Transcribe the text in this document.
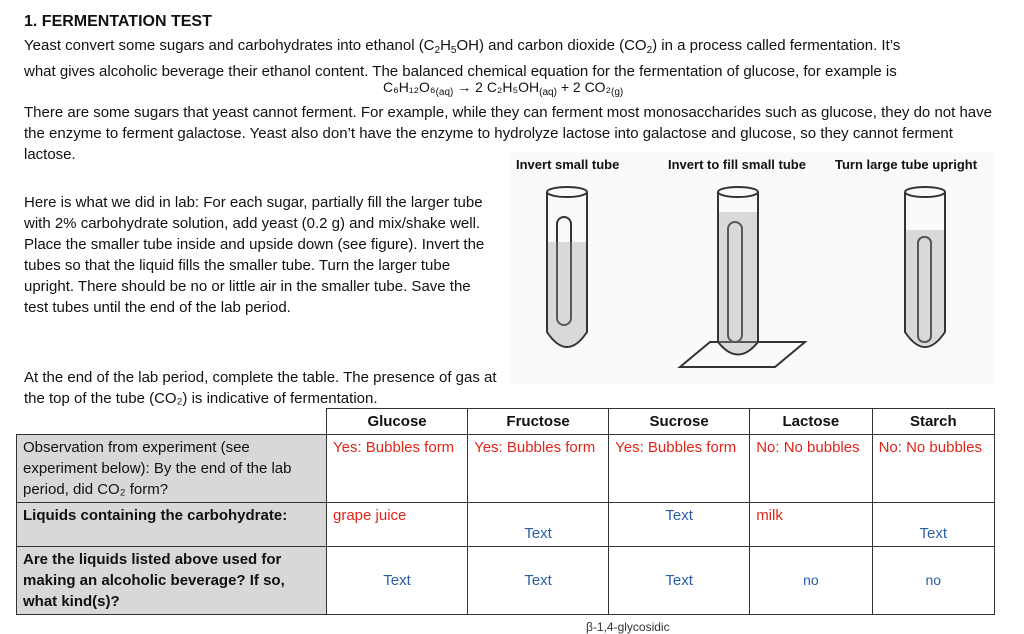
1. FERMENTATION TEST
Yeast convert some sugars and carbohydrates into ethanol $(C_2H_5OH)$ and carbon dioxide $(CO_2)$ in a process called fermentation. It’s
what gives alcoholic beverage their ethanol content. The balanced chemical equation for the fermentation of glucose, for example is
$C_6H_{12}O_6_{(aq)} \to 2$ $C_2H_5OH_{(aq)} + 2$ $CO_2_{(g)}$
There are some sugars that yeast cannot ferment. For example, while they can ferment most monosaccharides such as glucose, they do not have the enzyme to ferment galactose. Yeast also don’t have the enzyme to hydrolyze lactose into galactose and glucose, so they cannot ferment lactose.
Here is what we did in lab: For each sugar, partially fill the larger tube with 2% carbohydrate solution, add yeast (0.2 g) and mix/shake well. Place the smaller tube inside and upside down (see figure). Invert the tubes so that the liquid fills the smaller tube. Turn the larger tube upright. There should be no or little air in the smaller tube. Save the test tubes until the end of the lab period.
At the end of the lab period, complete the table. The presence of gas at the top of the tube (CO₂) is indicative of fermentation.
Invert small tube	Invert to fill small tube Turn large tube upright
	Glucose	Fructose	Sucrose	Lactose	Starch
Observation from experiment (see experiment below): By the end of the lab period, did CO₂ form?	Yes: Bubbles form	Yes: Bubbles form	Yes: Bubbles form	No: No bubbles	No: No bubbles
Liquids containing the carbohydrate:	grape juice	Text	Text	milk	Text
Are the liquids listed above used for making an alcoholic beverage? If so, what kind(s)?	Text	Text	Text	no	no
β-1,4-glycosidic
